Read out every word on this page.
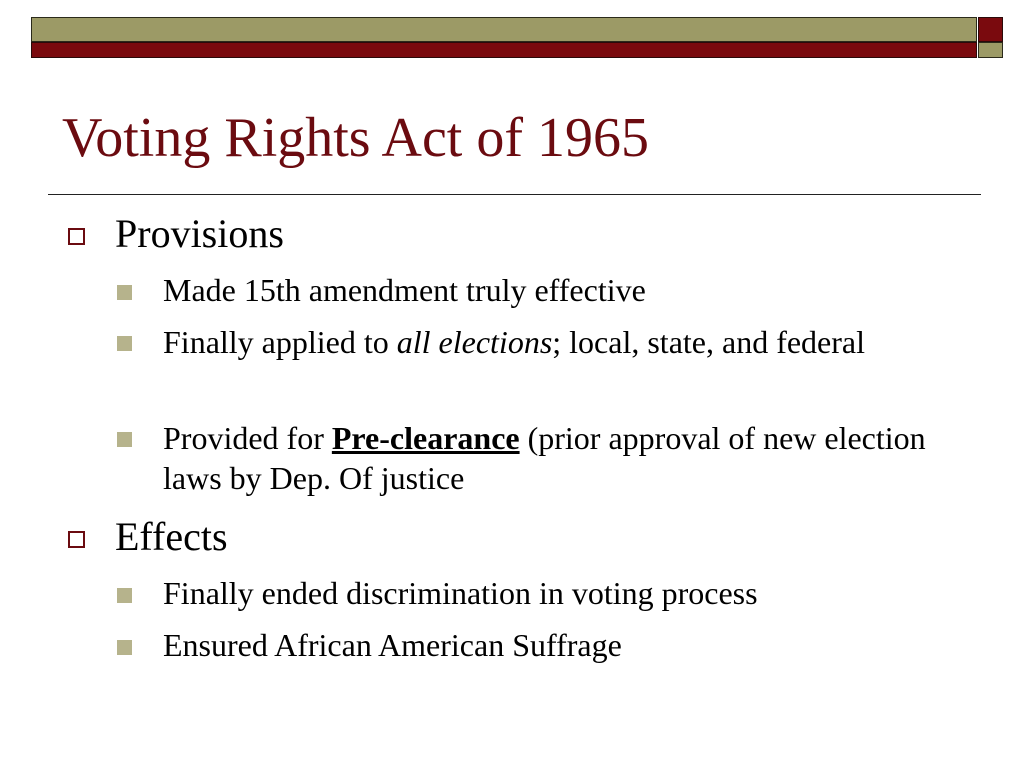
Voting Rights Act of 1965
Provisions
Made 15th amendment truly effective
Finally applied to all elections; local, state, and federal
Provided for Pre-clearance (prior approval of new election laws by Dep. Of justice
Effects
Finally ended discrimination in voting process
Ensured African American Suffrage
